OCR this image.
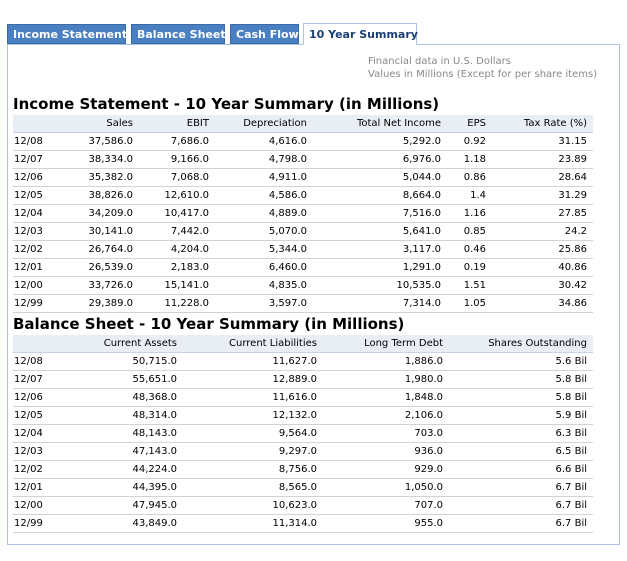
Income Statement Balance Sheet Cash Flow 10 Year Summary
Financial data in U.S. Dollars
Values in Millions (Except for per share items)
Income Statement - 10 Year Summary (in Millions)
	Sales	EBIT	Depreciation	Total Net Income	EPS	Tax Rate (%)
12/08	37,586.0	7,686.0	4,616.0	5,292.0	0.92	31.15
12/07	38,334.0	9,166.0	4,798.0	6,976.0	1.18	23.89
12/06	35,382.0	7,068.0	4,911.0	5,044.0	0.86	28.64
12/05	38,826.0	12,610.0	4,586.0	8,664.0	1.4	31.29
12/04	34,209.0	10,417.0	4,889.0	7,516.0	1.16	27.85
12/03	30,141.0	7,442.0	5,070.0	5,641.0	0.85	24.2
12/02	26,764.0	4,204.0	5,344.0	3,117.0	0.46	25.86
12/01	26,539.0	2,183.0	6,460.0	1,291.0	0.19	40.86
12/00	33,726.0	15,141.0	4,835.0	10,535.0	1.51	30.42
12/99	29,389.0	11,228.0	3,597.0	7,314.0	1.05	34.86
Balance Sheet - 10 Year Summary (in Millions)
	Current Assets	Current Liabilities	Long Term Debt	Shares Outstanding
12/08	50,715.0	11,627.0	1,886.0	5.6 Bil
12/07	55,651.0	12,889.0	1,980.0	5.8 Bil
12/06	48,368.0	11,616.0	1,848.0	5.8 Bil
12/05	48,314.0	12,132.0	2,106.0	5.9 Bil
12/04	48,143.0	9,564.0	703.0	6.3 Bil
12/03	47,143.0	9,297.0	936.0	6.5 Bil
12/02	44,224.0	8,756.0	929.0	6.6 Bil
12/01	44,395.0	8,565.0	1,050.0	6.7 Bil
12/00	47,945.0	10,623.0	707.0	6.7 Bil
12/99	43,849.0	11,314.0	955.0	6.7 Bil
